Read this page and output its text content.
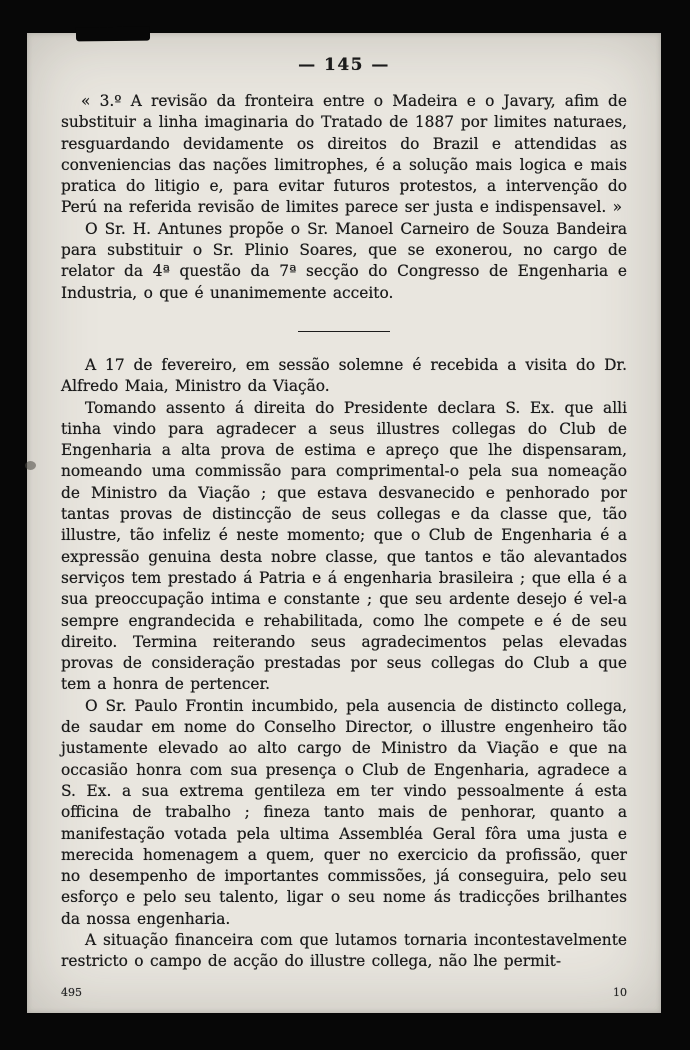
— 145 —

« 3.º A revisão da fronteira entre o Madeira e o Javary, afim de substituir a linha imaginaria do Tratado de 1887 por limites naturaes, resguardando devidamente os direitos do Brazil e attendidas as conveniencias das nações limitrophes, é a solução mais logica e mais pratica do litigio e, para evitar futuros protestos, a intervenção do Perú na referida revisão de limites parece ser justa e indispensavel. »

O Sr. H. Antunes propõe o Sr. Manoel Carneiro de Souza Bandeira para substituir o Sr. Plinio Soares, que se exonerou, no cargo de relator da 4ª questão da 7ª secção do Congresso de Engenharia e Industria, o que é unanimemente acceito.

A 17 de fevereiro, em sessão solemne é recebida a visita do Dr. Alfredo Maia, Ministro da Viação.

Tomando assento á direita do Presidente declara S. Ex. que alli tinha vindo para agradecer a seus illustres collegas do Club de Engenharia a alta prova de estima e apreço que lhe dispensaram, nomeando uma commissão para comprimental-o pela sua nomeação de Ministro da Viação ; que estava desvanecido e penhorado por tantas provas de distincção de seus collegas e da classe que, tão illustre, tão infeliz é neste momento; que o Club de Engenharia é a expressão genuina desta nobre classe, que tantos e tão alevantados serviços tem prestado á Patria e á engenharia brasileira ; que ella é a sua preoccupação intima e constante ; que seu ardente desejo é vel-a sempre engrandecida e rehabilitada, como lhe compete e é de seu direito. Termina reiterando seus agradecimentos pelas elevadas provas de consideração prestadas por seus collegas do Club a que tem a honra de pertencer.

O Sr. Paulo Frontin incumbido, pela ausencia de distincto collega, de saudar em nome do Conselho Director, o illustre engenheiro tão justamente elevado ao alto cargo de Ministro da Viação e que na occasião honra com sua presença o Club de Engenharia, agradece a S. Ex. a sua extrema gentileza em ter vindo pessoalmente á esta officina de trabalho ; fineza tanto mais de penhorar, quanto a manifestação votada pela ultima Assembléa Geral fôra uma justa e merecida homenagem a quem, quer no exercicio da profissão, quer no desempenho de importantes commissões, já conseguira, pelo seu esforço e pelo seu talento, ligar o seu nome ás tradicções brilhantes da nossa engenharia.

A situação financeira com que lutamos tornaria incontestavelmente restricto o campo de acção do illustre collega, não lhe permit-

495	10
